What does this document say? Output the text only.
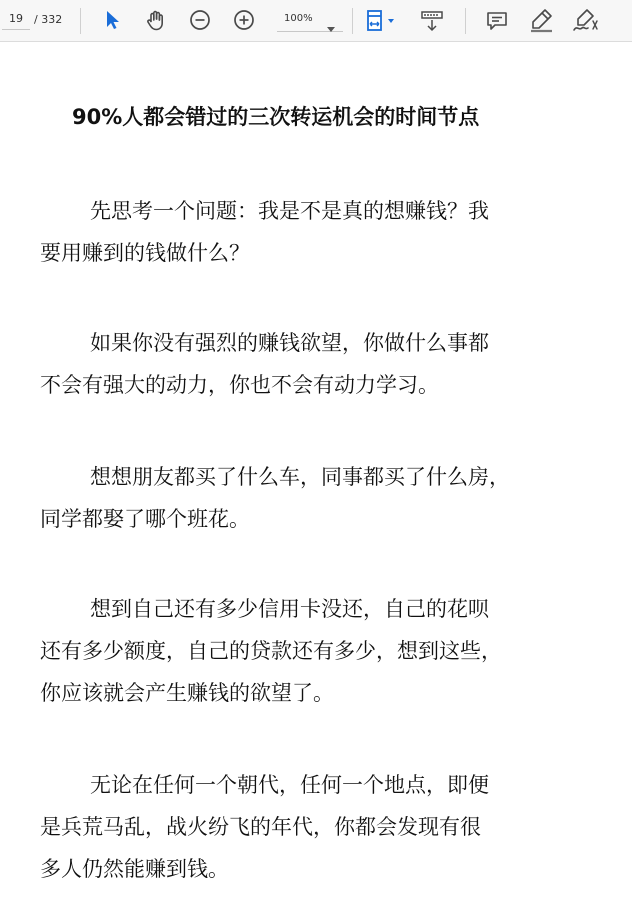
19
/ 332	100%
90%人都会错过的三次转运机会的时间节点

先思考一个问题：我是不是真的想赚钱？我
要用赚到的钱做什么？

如果你没有强烈的赚钱欲望，你做什么事都
不会有强大的动力，你也不会有动力学习。

想想朋友都买了什么车，同事都买了什么房，
同学都娶了哪个班花。

想到自己还有多少信用卡没还，自己的花呗
还有多少额度，自己的贷款还有多少，想到这些，
你应该就会产生赚钱的欲望了。

无论在任何一个朝代，任何一个地点，即便
是兵荒马乱，战火纷飞的年代，你都会发现有很
多人仍然能赚到钱。
